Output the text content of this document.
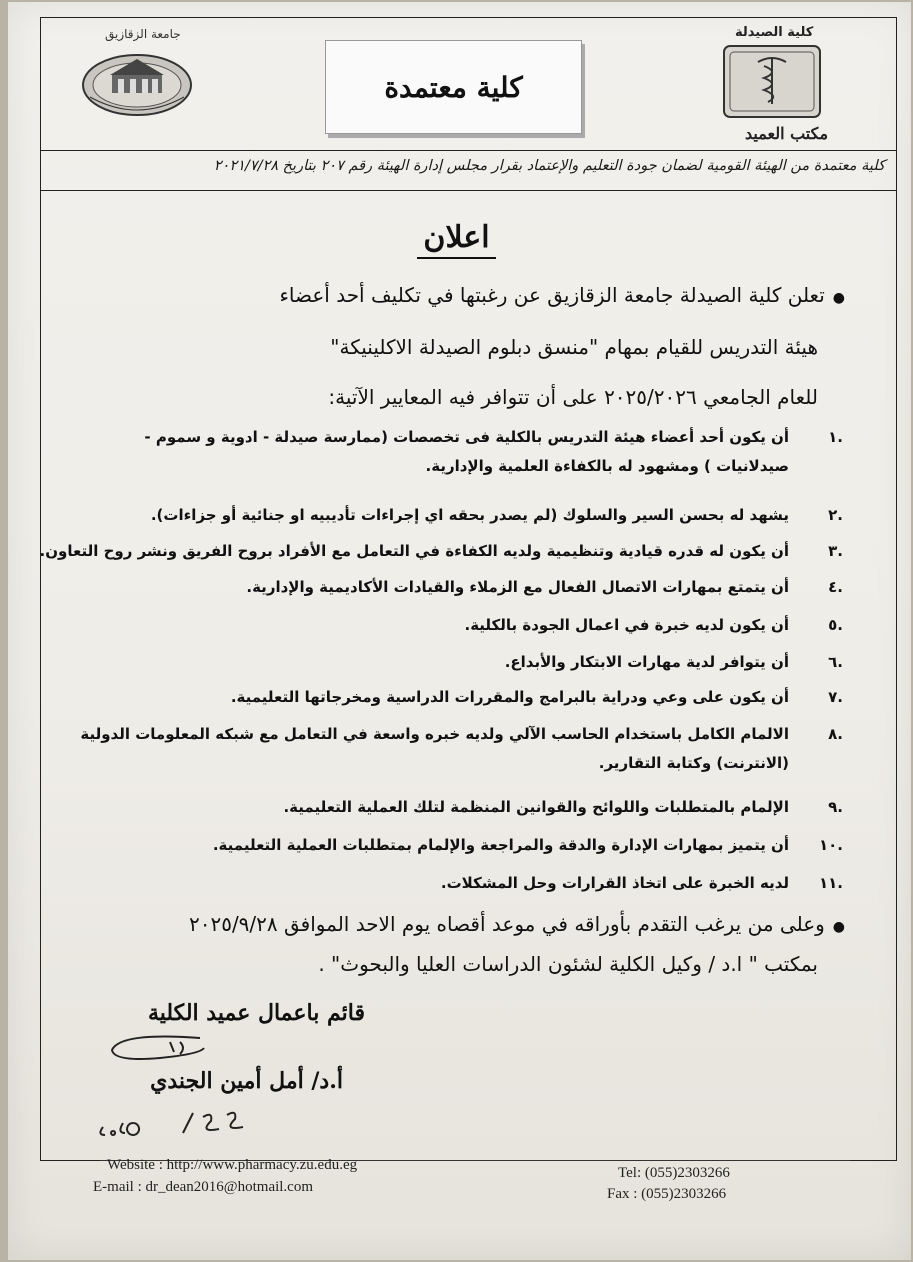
جامعة الزقازيق
كلية معتمدة
كلية الصيدلة
مكتب العميد
كلية معتمدة من الهيئة القومية لضمان جودة التعليم والإعتماد بقرار مجلس إدارة الهيئة رقم ٢٠٧ بتاريخ ٢٠٢١/٧/٢٨
اعلان
●تعلن كلية الصيدلة جامعة الزقازيق عن رغبتها في تكليف أحد أعضاء
هيئة التدريس للقيام بمهام "منسق دبلوم الصيدلة الاكلينيكة"
للعام الجامعي ٢٠٢٥/٢٠٢٦ على أن تتوافر فيه المعايير الآتية:
.١
أن يكون أحد أعضاء هيئة التدريس بالكلية فى تخصصات (ممارسة صيدلة - ادوية و سموم -
صيدلانيات ) ومشهود له بالكفاءة العلمية والإدارية.
.٢
يشهد له بحسن السير والسلوك (لم يصدر بحقه اي إجراءات تأديبيه او جنائية أو جزاءات).
.٣
أن يكون له قدره قيادية وتنظيمية ولديه الكفاءة في التعامل مع الأفراد بروح الفريق ونشر روح التعاون.
.٤
أن يتمتع بمهارات الاتصال الفعال مع الزملاء والقيادات الأكاديمية والإدارية.
.٥
أن يكون لديه خبرة في اعمال الجودة بالكلية.
.٦
أن يتوافر لدية مهارات الابتكار والأبداع.
.٧
أن يكون على وعي ودراية بالبرامج والمقررات الدراسية ومخرجاتها التعليمية.
.٨
الالمام الكامل باستخدام الحاسب الآلي ولديه خبره واسعة في التعامل مع شبكه المعلومات الدولية
(الانترنت) وكتابة التقارير.
.٩
الإلمام بالمتطلبات واللوائح والقوانين المنظمة لتلك العملية التعليمية.
.١٠
أن يتميز بمهارات الإدارة والدقة والمراجعة والإلمام بمتطلبات العملية التعليمية.
.١١
لديه الخبرة على اتخاذ القرارات وحل المشكلات.
●وعلى من يرغب التقدم بأوراقه في موعد أقصاه يوم الاحد الموافق ٢٠٢٥/٩/٢٨
بمكتب " ا.د / وكيل الكلية لشئون الدراسات العليا والبحوث" .
قائم باعمال عميد الكلية
أ.د/ أمل أمين الجندي
Website : http://www.pharmacy.zu.edu.eg
E-mail : dr_dean2016@hotmail.com
Tel: (055)2303266
Fax : (055)2303266
